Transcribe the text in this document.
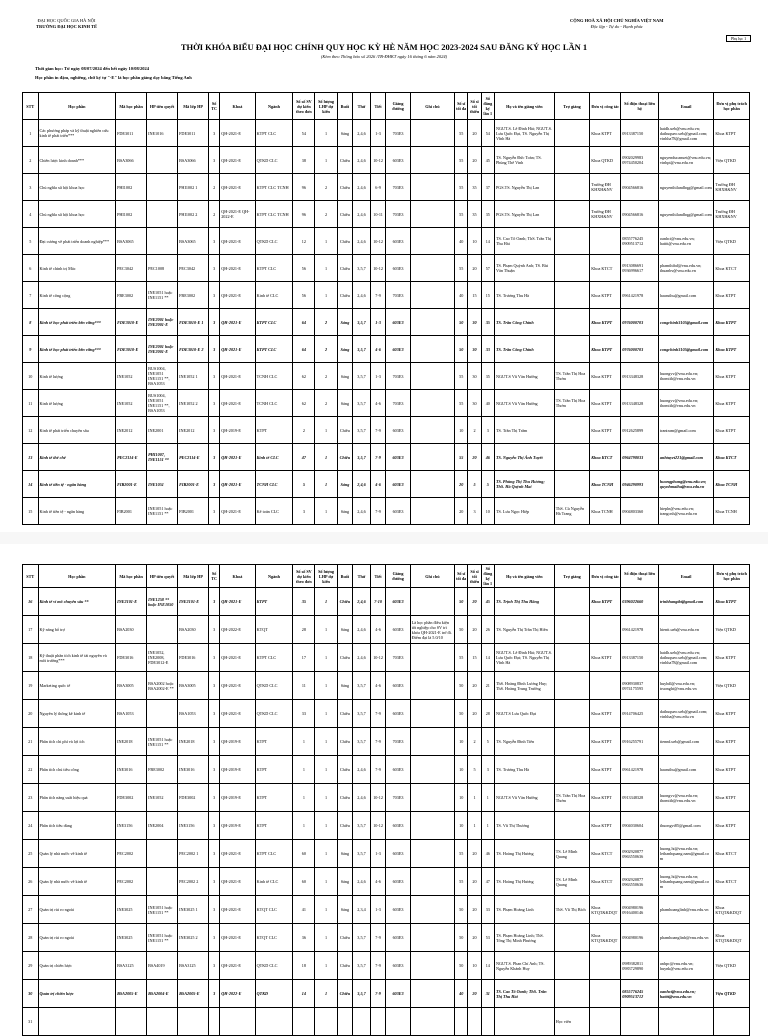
ĐẠI HỌC QUỐC GIA HÀ NỘI
TRƯỜNG ĐẠI HỌC KINH TẾ
CỘNG HOÀ XÃ HỘI CHỦ NGHĨA VIỆT NAM
Độc lập - Tự do - Hạnh phúc
Phụ lục 1
THỜI KHÓA BIỂU ĐẠI HỌC CHÍNH QUY HỌC KỲ HÈ NĂM HỌC 2023-2024 SAU ĐĂNG KÝ HỌC LẦN 1
(Kèm theo Thông báo số 2026 /TB-ĐHKT ngày 16 tháng 6 năm 2024)
Thời gian học: Từ ngày 08/07/2024 đến hết ngày 10/08/2024
Học phần in đậm, nghiêng, chữ ký tự "-E" là học phần giảng dạy bằng Tiếng Anh
STT	Học phần	Mã học phần	HP tiên quyết	Mã lớp HP	Số TC	Khoá	Ngành	Số số SV dự kiến theo đơn	Số lượng LHP dự kiến	Buổi	Thứ	Tiết	Giảng đường	Ghi chú	Số sĩ tối đa	Số sĩ tối thiểu	Số đăng ký lần 1	Họ và tên giảng viên	Trợ giảng	Đơn vị công tác	Số điện thoại liên hệ	Email	Đơn vị phụ trách học phần
1	Các phương pháp và kỹ thuật nghiên cứu kinh tế phát triển***	FDE3011	INE1016	FDE3011	3	QH-2021-E	KTPT CLC	54	1	Sáng	2,4,6	1-3	703E3		55	20	54	NGƯT.S. Lê Đình Hải; NGƯT.S. Lưu Quốc Đạt, TS. Nguyễn Thị Vĩnh Hà		Khoa KTPT	0913387150	haidh.ueb@vnu.edu.vn; dathuqueo.ueb@gmail.com; vinhha78@gmail.com	Khoa KTPT
2	Chiến lược kinh doanh***	BSA3066		BSA3066	3	QH-2021-E	QTKD CLC	38	1	Chiều	2,4,6	10-12	603E3		55	20	45	TS. Nguyễn Đức Toàn; TS. Phùng Thế Vinh		Khoa QTKD	0902029983 0974450204	nguyenducanuet@vnu.edu.vn; vinhpt@vnu.edu.vn	Viện QTKD
3	Chủ nghĩa xã hội khoa học	PHI1002		PHI1002 1	2	QH-2021-E	KTPT CLC TCNH	96	2	Chiều	2,4,6	6-9	703E3		55	35	37	PGS.TS. Nguyễn Thị Lan		Trường ĐH KHXH&NV	0904566816	nguyenthilandhqg@gmail.com	Trường ĐH KHXH&NV
4	Chủ nghĩa xã hội khoa học	PHI1002		PHI1002 2	2	QH-2021-E QH-2022-E	KTPT CLC TCNH	96	2	Chiều	2,4,6	10-11	703E3		55	35	35	PGS.TS. Nguyễn Thị Lan		Trường ĐH KHXH&NV	0904566816	nguyenthilandhqg@gmail.com	Trường ĐH KHXH&NV
5	Đại cương về phát triển doanh nghiệp***	BSA3065		BSA3065	3	QH-2021-E	QTKD CLC	12	1	Chiều	2,4,6	10-12	603E3		40	10	14	TS. Cao Tô Oanh; ThS. Trần Thị Thu Hải			0855776245 0909513712	oanhct@vnu.edu.vn; hatttt@vnu.edu.vn	Viện QTKD
6	Kinh tế chính trị Mác	PEC3042	PEC1008	PEC3042	3	QH-2021-E	KTPT CLC	56	1	Chiều	3,5,7	10-12	603E3		55	20	57	TS. Phạm Quỳnh Anh; TS. Bùi Văn Thuận		Khoa KTCT	0913086691 0936996617	phamthibd@vnu.edu.vn; thuanbv@vnu.edu.vn	Khoa KTCT
7	Kinh tế công cộng	FBE3002	INE1051 hoặc INE1151 **	FBE3002	3	QH-2021-E	Kinh tế CLC	56	1	Chiều	2,4,6	7-9	703E3		40	15	15	TS. Trương Thu Hà		Khoa KTPT	0961421978	haaruthu@gmail.com	Khoa KTPT
8	Kinh tế học phát triển bền vững***	FDE3010-E	INE2001 hoặc INE2001-E	FDE3010-E 1	3	QH-2021-E	KTPT CLC	64	2	Sáng	3,5,7	1-3	603E3		50	30	35	TS. Trần Công Chính		Khoa KTPT	0976000703	congchinh3105@gmail.com	Khoa KTPT
9	Kinh tế học phát triển bền vững***	FDE3010-E	INE2001 hoặc INE2001-E	FDE3010-E 2	3	QH-2021-E	KTPT CLC	64	2	Sáng	3,5,7	4-6	603E3		50	30	33	TS. Trần Công Chính		Khoa KTPT	0976000703	congchinh3105@gmail.com	Khoa KTPT
10	Kinh tế lượng	INE1052	BUS1004, INE1051 INE1151 **, BSA1053	INE1052 1	3	QH-2021-E	TCNH CLC	62	2	Sáng	3,5,7	1-3	703E3		55	30	35	NGƯT.S Vũ Văn Hưởng	TS. Trần Thị Hoa Thơm	Khoa KTPT	0913348328	huongvv@vnu.edu.vn; thomtth@vnu.edu.vn	Khoa KTPT
11	Kinh tế lượng	INE1052	BUS1004, INE1051 INE1151 **, BSA1053	INE1052 2	3	QH-2021-E	TCNH CLC	62	2	Sáng	3,5,7	4-6	703E3		55	30	40	NGƯT.S Vũ Văn Hưởng	TS. Trần Thị Hoa Thơm	Khoa KTPT	0913348328	huongvv@vnu.edu.vn; thomtth@vnu.edu.vn	Khoa KTPT
12	Kinh tế phát triển chuyên sâu	INE2012	INE2001	INE2012	3	QH-2019-E	KTPT	2	1	Chiều	3,5,7	7-9	603E3		10	2	3	TS. Trần Thị Trâm		Khoa KTPT	0912625899	trantram@gmail.com	Khoa KTPT
13	Kinh tế thế chế	PEC2114-E	PHI1007, INE1151 **	PEC2114-E	3	QH-2021-E	Kinh tế CLC	47	1	Chiều	3,5,7	7-9	603E3		55	20	46	TS. Nguyễn Thị Ánh Tuyết		Khoa KTCT	0964798033	anhtuyet221@gmail.com	Khoa KTCT
14	Kinh tế tiền tệ - ngân hàng	FIB2001-E	INE1051	FIB2001-E	3	QH-2021-E	TCNH CLC	5	1	Sáng	2,4,6	4-6	603E3		20	5	5	TS. Phùng Thị Thu Hương; ThS. Hà Quỳnh Mai		Khoa TCNH	0946290993	huongphung@vnu.edu.vn; quynhmaiha@vnu.edu.vn	Khoa TCNH
15	Kinh tế tiền tệ - ngân hàng	FIB2001	INE1051 hoặc INE1151 **	FIB2001	3	QH-2021-E	Kế toán CLC	3	1	Sáng	2,4,6	7-9	603E3		20	3	10	TS. Lưu Ngọc Hiệp	ThS. Cù Nguyễn Hà Trang	Khoa TCNH	0904803360	hiepln@vnu.edu.vn; trangcnh@vnu.edu.vn	Khoa TCNH
STT	Học phần	Mã học phần	HP tiên quyết	Mã lớp HP	Số TC	Khoá	Ngành	Số số SV dự kiến theo đơn	Số lượng LHP dự kiến	Buổi	Thứ	Tiết	Giảng đường	Ghi chú	Số sĩ tối đa	Số sĩ tối thiểu	Số đăng ký lần 1	Họ và tên giảng viên	Trợ giảng	Đơn vị công tác	Số điện thoại liên hệ	Email	Đơn vị phụ trách học phần
16	Kinh tế vi mô chuyên sâu **	INE2101-E	INE1258 ** hoặc INE1050	INE2101-E	3	QH-2021-E	KTPT	35	1	Chiều	2,4,6	7-10	603E3		50	20	45	TS. Trịnh Thị Thu Hằng		Khoa KTPT	0396022660	trinhhangtbt@gmail.com	Khoa KTPT
17	Kỹ năng bổ trợ	BSA2030		BSA2030	3	QH-2022-E	KTQT	28	1	Sáng	2,4,6	4-6	603E3	Là học phần điều kiện tốt nghiệp cho SV trì khóa QH-2021-E trở đi. Điểm đạt là 5.0/10	50	20	26	TS. Nguyễn Thị Trần Thị Hiền			0961421978	hientt.ueb@vnu.edu.vn	Viện QTKD
18	Kỹ thuật phân tích kinh tế tài nguyên và môi trường***	FDE3016	INE1052, INE2008, FDE3012-E	FDE3016	3	QH-2021-E	KTPT CLC	17	1	Chiều	2,4,6	10-12	703E3		55	15	14	NGƯT.S. Lê Đình Hải; NGƯT.S. Lưu Quốc Đạt; TS. Nguyễn Thị Vĩnh Hà		Khoa KTPT	0913387150	haidh.ueb@vnu.edu.vn; dathuqueo.ueb@gmail.com; vinhha78@gmail.com	Khoa KTPT
19	Marketing quốc tế	BSA3005	BSA2002 hoặc BSA2002-E **	BSA3005	3	QH-2021-E	QTKD CLC	11	1	Sáng	3,5,7	4-6	603E3		50	20	21	ThS. Hoàng Đình Lương Huy; ThS. Hoàng Trung Trường			0908930837 0974175595	huyhdl@vnu.edu.vn; truonght@vnu.edu.vn	Viện QTKD
20	Nguyên lý thống kê kinh tế	BSA1053		BSA1053	3	QH-2021-E	QTKD CLC	33	1	Chiều	3,5,7	7-9	603E3		50	20	28	NGƯT.S Lưu Quốc Đạt		Khoa KTPT	0914706425	dathuqueo.ueb@gmail.com; vinhha@vnu.edu.vn	Khoa KTPT
21	Phân tích chi phí và lợi ích	INE2018	INE1051 hoặc INE1151 **	INE2018	3	QH-2019-E	KTPT	1	1	Chiều	3,5,7	7-9	703E3		10	2	5	TS. Nguyễn Đình Tiến		Khoa KTPT	0916255791	tiennd.ueb@gmail.com	Khoa KTPT
22	Phân tích chủ tiêu công	INE3016	FBE3002	INE3016	3	QH-2019-E	KTPT	1	1	Chiều	2,4,6	7-9	603E3		10	5	3	TS. Trương Thu Hà		Khoa KTPT	0961421978	haaruthu@gmail.com	Khoa KTPT
23	Phân tích năng suất hiệu quả	FDE3002	INE1052	FDE3002	3	QH-2019-E	KTPT	1	1	Chiều	2,4,6	10-12	703E3		10	1	1	NGƯT.S Vũ Văn Hưởng	TS. Trần Thị Hoa Thơm	Khoa KTPT	0913348328	huongvv@vnu.edu.vn; thomtth@vnu.edu.vn	Khoa KTPT
24	Phân tích tiêu dùng	INE3156	INE2004	INE3156	3	QH-2019-E	KTPT	1	1	Chiều	3,5,7	10-12	603E3		10	1	1	TS. Vũ Thị Thương		Khoa KTPT	0904030604	thuongvt85@gmail.com	Khoa KTPT
25	Quản lý nhà nước về kinh tế	PEC2002		PEC2002 1	3	QH-2021-E	KTPT CLC	60	1	Sáng	3,5,7	1-3	603E3		55	20	46	TS. Hoàng Thị Hương	TS. Lê Minh Quang	Khoa KTCT	0902920877 0963550636	huong.ht@vnu.edu.vn; lethanhquang.nam@gmail.com	Khoa KTCT
26	Quản lý nhà nước về kinh tế	PEC2002		PEC2002 2	3	QH-2021-E	Kinh tế CLC	60	1	Sáng	2,4,6	4-6	603E3		55	20	47	TS. Hoàng Thị Hương	TS. Lê Minh Quang	Khoa KTCT	0902920877 0963550636	huong.ht@vnu.edu.vn; lethanhquang.nam@gmail.com	Khoa KTCT
27	Quản trị rủi ro ngoài	INE3025	INE1051 hoặc INE1151 **	INE3025 1	3	QH-2021-E	KTQT CLC	41	1	Sáng	2,3,4	1-3	603E3		50	20	33	TS. Phạm Hoàng Linh	ThS. Vũ Thị Bích	Khoa KTQT&KDQT	0904980196 0916400146	phamhoanglinh@vnu.edu.vn	Khoa KTQT&KDQT
28	Quản trị rủi ro ngoài	INE3025	INE1051 hoặc INE1151 **	INE3025 2	3	QH-2021-E	KTQT CLC	36	1	Chiều	3,5,7	7-9	603E3		50	20	53	TS. Phạm Hoàng Linh; ThS. Tống Thị Minh Phương		Khoa KTQT&KDQT	0904980196	phamhoanglinh@vnu.edu.vn	Khoa KTQT&KDQT
29	Quản trị chiến lược	BSA3125	BSA4019	BSA3125	3	QH-2021-E	QTKD CLC	18	1	Chiều	3,5,7	7-9	603E3		50	10	14	NGƯT.S. Phan Chí Anh; TS. Nguyễn Khánh Huy			0989382811 0983729890	anhpc@vnu.edu.vn; huynk@vnu.edu.vn	Viện QTKD
30	Quản trị chiến lược	BSA2005-E	BSA2004-E	BSA2005-E	3	QH-2022-E	QTKD	14	1	Chiều	3,5,7	7-9	603E3		40	20	31	TS. Cao Tô Oanh; ThS. Trần Thị Thu Hải			0855776245 0909513712	oanhct@vnu.edu.vn; hatttt@vnu.edu.vn	Viện QTKD
31																			Học viên				
